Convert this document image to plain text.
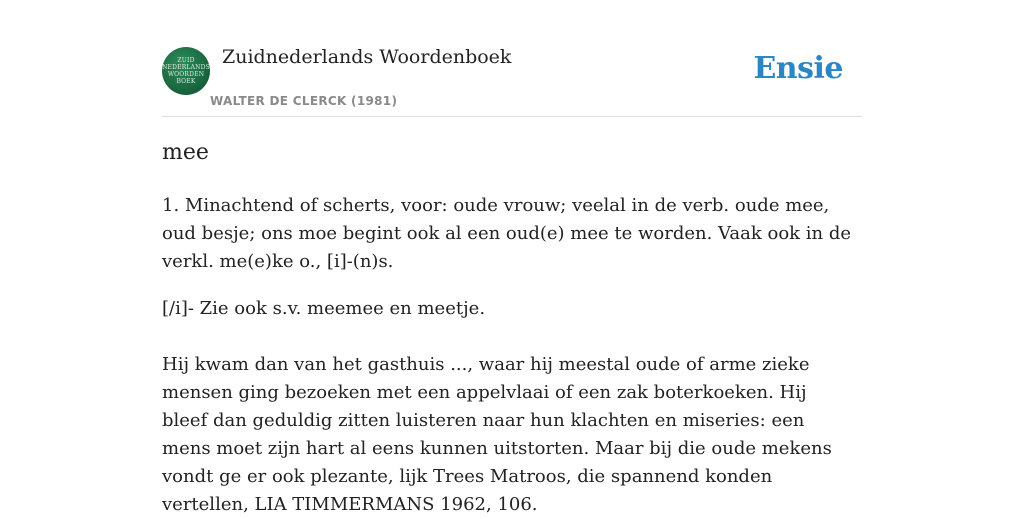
ZUID
NEDERLANDS
WOORDEN
BOEK
Zuidnederlands Woordenboek
WALTER DE CLERCK (1981)
Ensie
mee
1. Minachtend of scherts, voor: oude vrouw; veelal in de verb. oude mee, oud besje; ons moe begint ook al een oud(e) mee te worden. Vaak ook in de verkl. me(e)ke o., [i]-(n)s.
[/i]- Zie ook s.v. meemee en meetje.
Hij kwam dan van het gasthuis ..., waar hij meestal oude of arme zieke mensen ging bezoeken met een appelvlaai of een zak boterkoeken. Hij bleef dan geduldig zitten luisteren naar hun klachten en miseries: een mens moet zijn hart al eens kunnen uitstorten. Maar bij die oude mekens vondt ge er ook plezante, lijk Trees Matroos, die spannend konden vertellen, LIA TIMMERMANS 1962, 106.
